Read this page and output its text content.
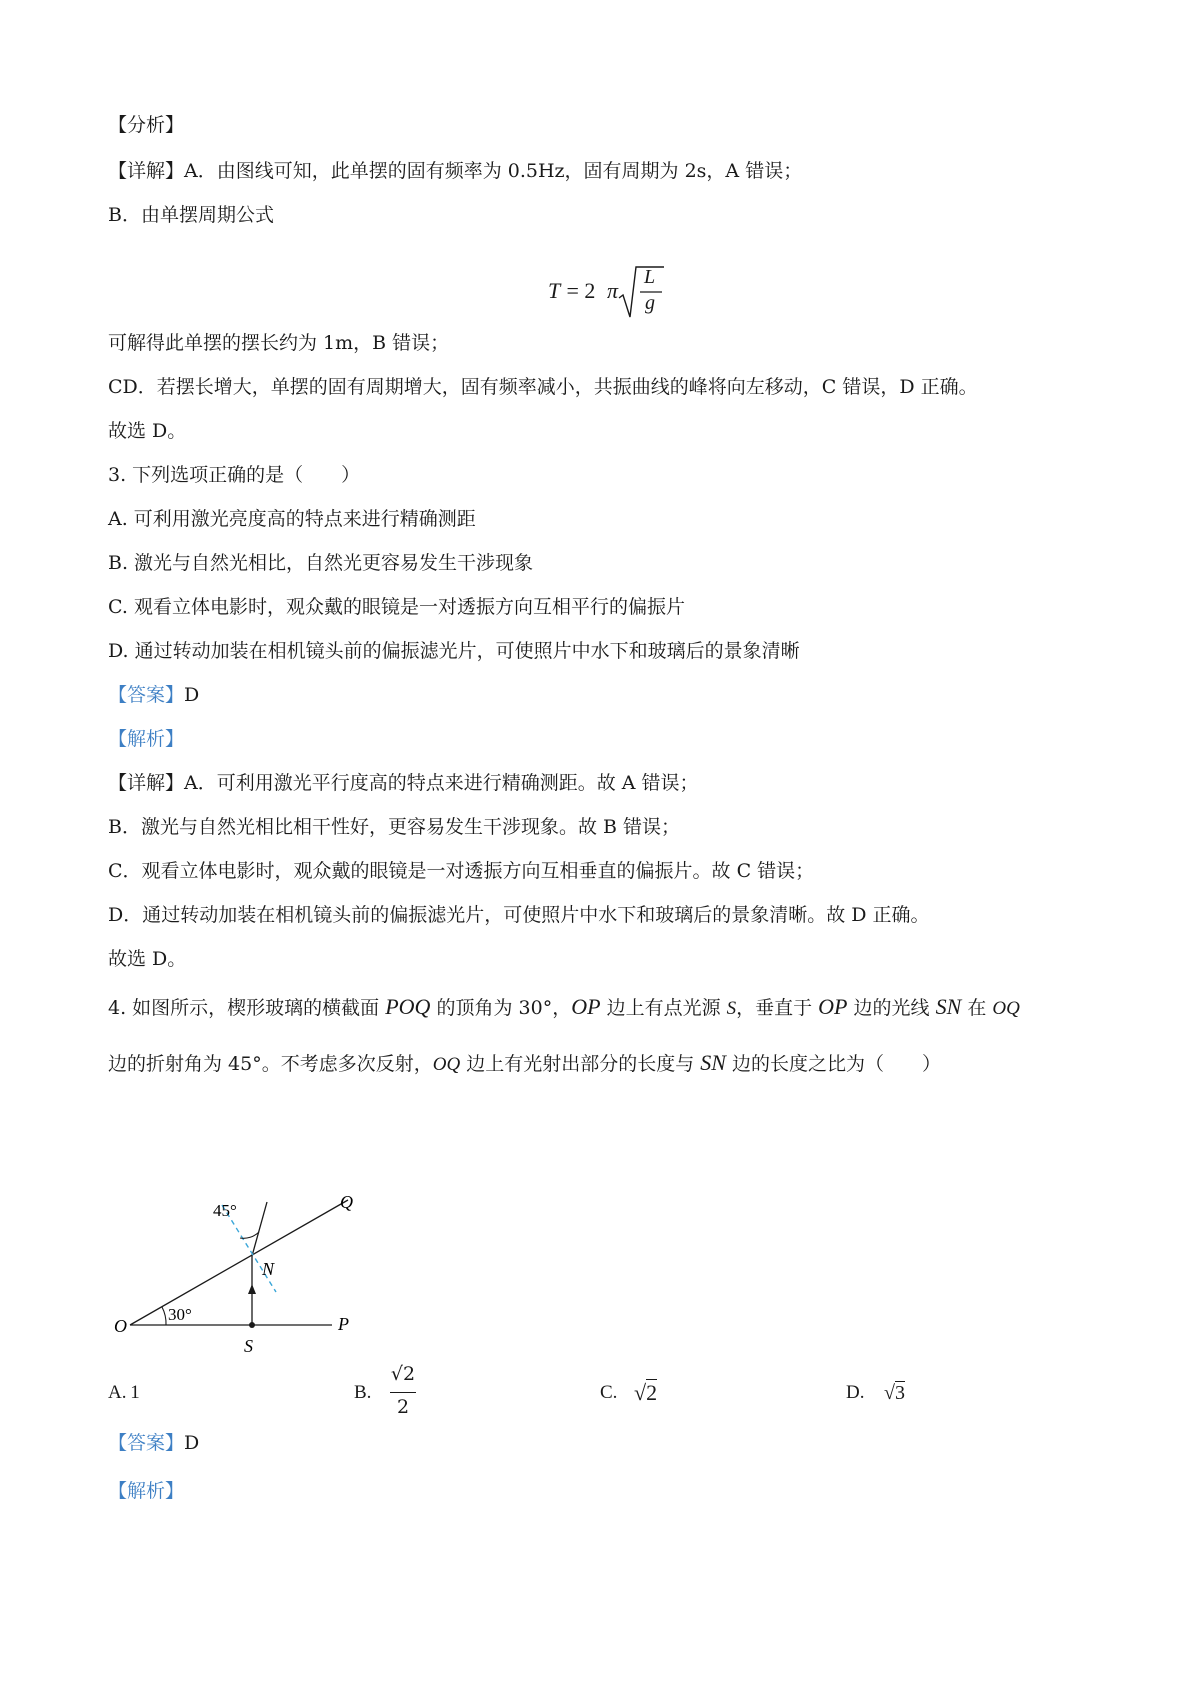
【分析】
【详解】A．由图线可知，此单摆的固有频率为 0.5Hz，固有周期为 2s，A 错误；
B．由单摆周期公式
T = 2 π
L
g
可解得此单摆的摆长约为 1m，B 错误；
CD．若摆长增大，单摆的固有周期增大，固有频率减小，共振曲线的峰将向左移动，C 错误，D 正确。
故选 D。
3. 下列选项正确的是（　　）
A. 可利用激光亮度高的特点来进行精确测距
B. 激光与自然光相比，自然光更容易发生干涉现象
C. 观看立体电影时，观众戴的眼镜是一对透振方向互相平行的偏振片
D. 通过转动加装在相机镜头前的偏振滤光片，可使照片中水下和玻璃后的景象清晰
【答案】D
【解析】
【详解】A．可利用激光平行度高的特点来进行精确测距。故 A 错误；
B．激光与自然光相比相干性好，更容易发生干涉现象。故 B 错误；
C．观看立体电影时，观众戴的眼镜是一对透振方向互相垂直的偏振片。故 C 错误；
D．通过转动加装在相机镜头前的偏振滤光片，可使照片中水下和玻璃后的景象清晰。故 D 正确。
故选 D。
4. 如图所示，楔形玻璃的横截面 POQ 的顶角为 30°，OP 边上有点光源 S，垂直于 OP 边的光线 SN 在 OQ
边的折射角为 45°。不考虑多次反射，OQ 边上有光射出部分的长度与 SN 边的长度之比为（　　）
O	P
Q
N
S
45°
30°
A.  1	B.
√2
2
C. √2	D. √3
【答案】D
【解析】
